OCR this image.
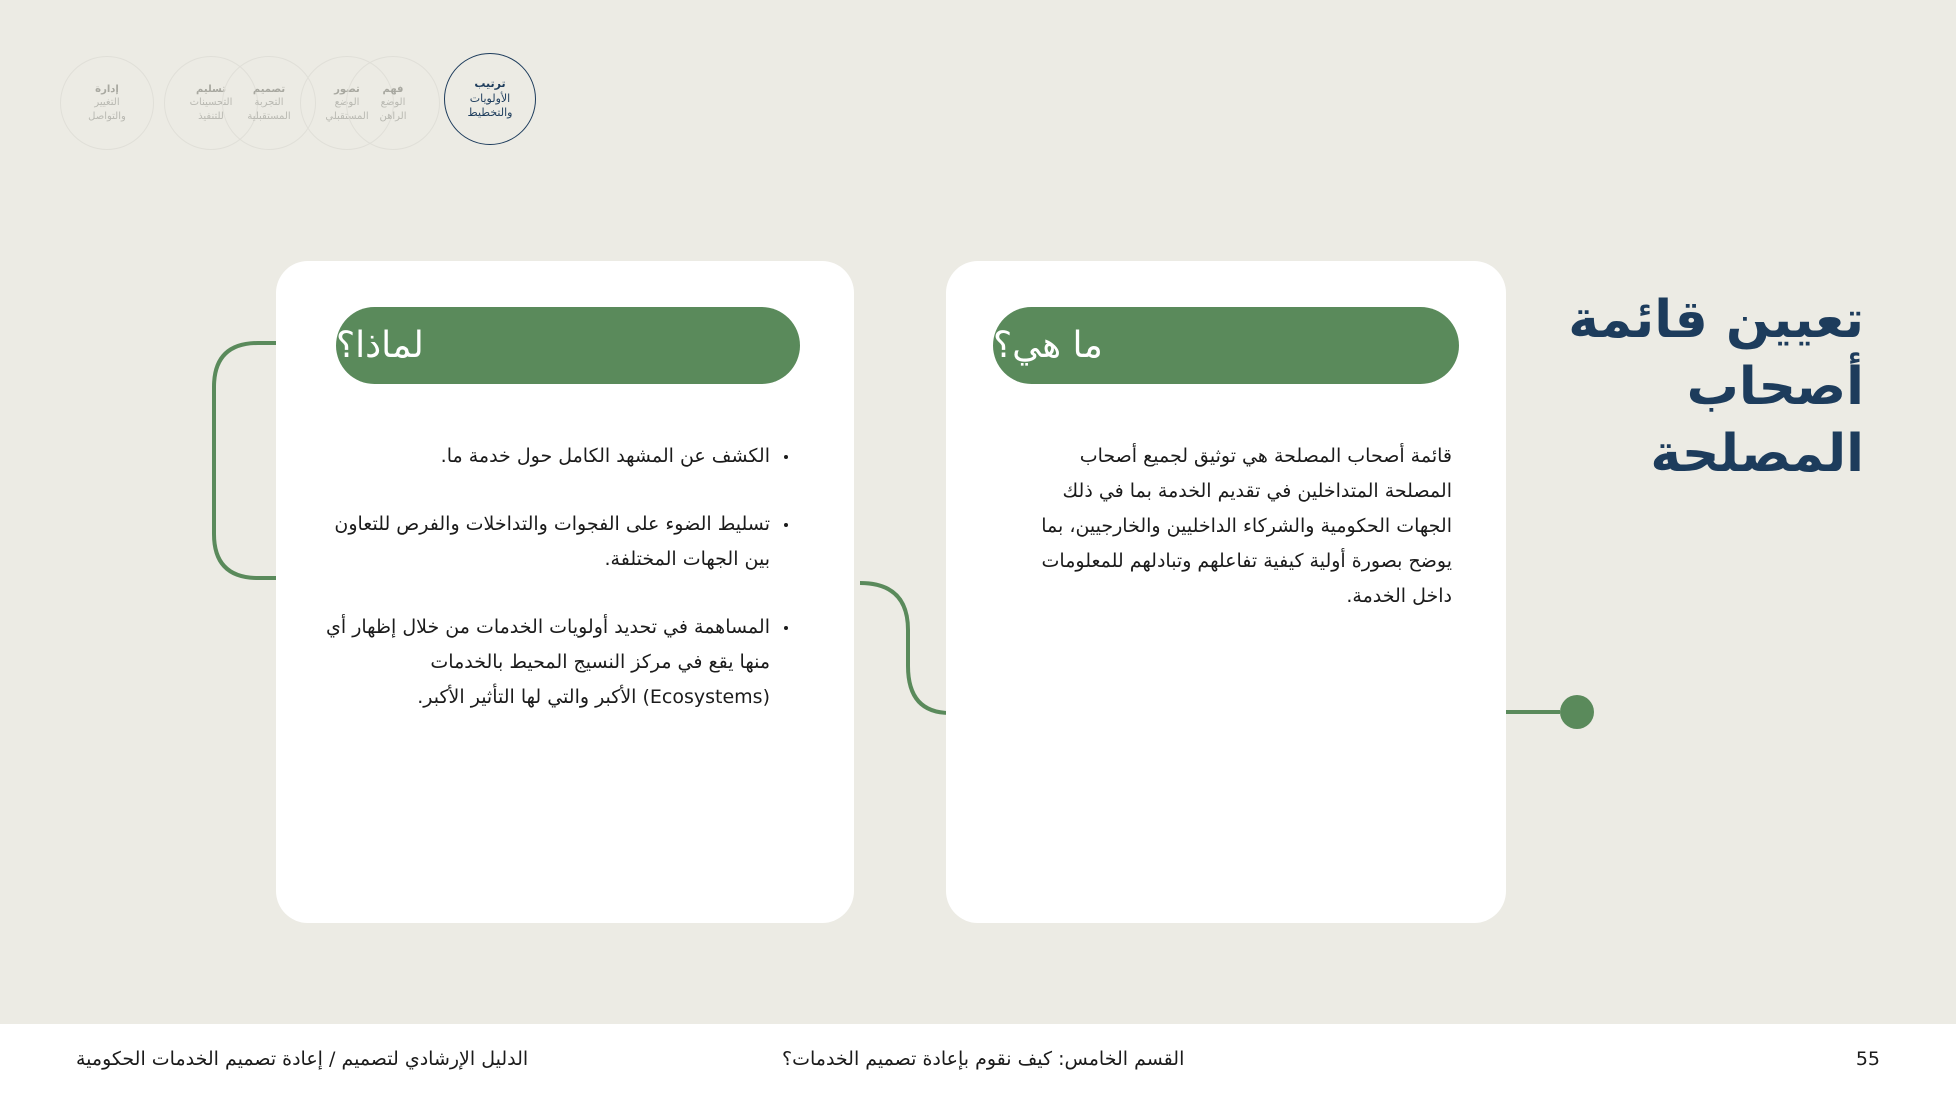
إدارة
التغيير
والتواصل
تسليم
التحسينات
للتنفيذ
تصميم
التجربة
المستقبلية
تصور
الوضع
المستقبلي
فهم
الوضع
الراهن
ترتيب
الأولويات
والتخطيط
تعيين قائمة أصحاب المصلحة
ما هي؟
قائمة أصحاب المصلحة هي توثيق لجميع أصحاب المصلحة المتداخلين في تقديم الخدمة بما في ذلك الجهات الحكومية والشركاء الداخليين والخارجيين، بما يوضح بصورة أولية كيفية تفاعلهم وتبادلهم للمعلومات داخل الخدمة.
لماذا؟
الكشف عن المشهد الكامل حول خدمة ما.
تسليط الضوء على الفجوات والتداخلات والفرص للتعاون بين الجهات المختلفة.
المساهمة في تحديد أولويات الخدمات من خلال إظهار أي منها يقع في مركز النسيج المحيط بالخدمات (Ecosystems) الأكبر والتي لها التأثير الأكبر.
الدليل الإرشادي لتصميم / إعادة تصميم الخدمات الحكومية	القسم الخامس: كيف نقوم بإعادة تصميم الخدمات؟	55
